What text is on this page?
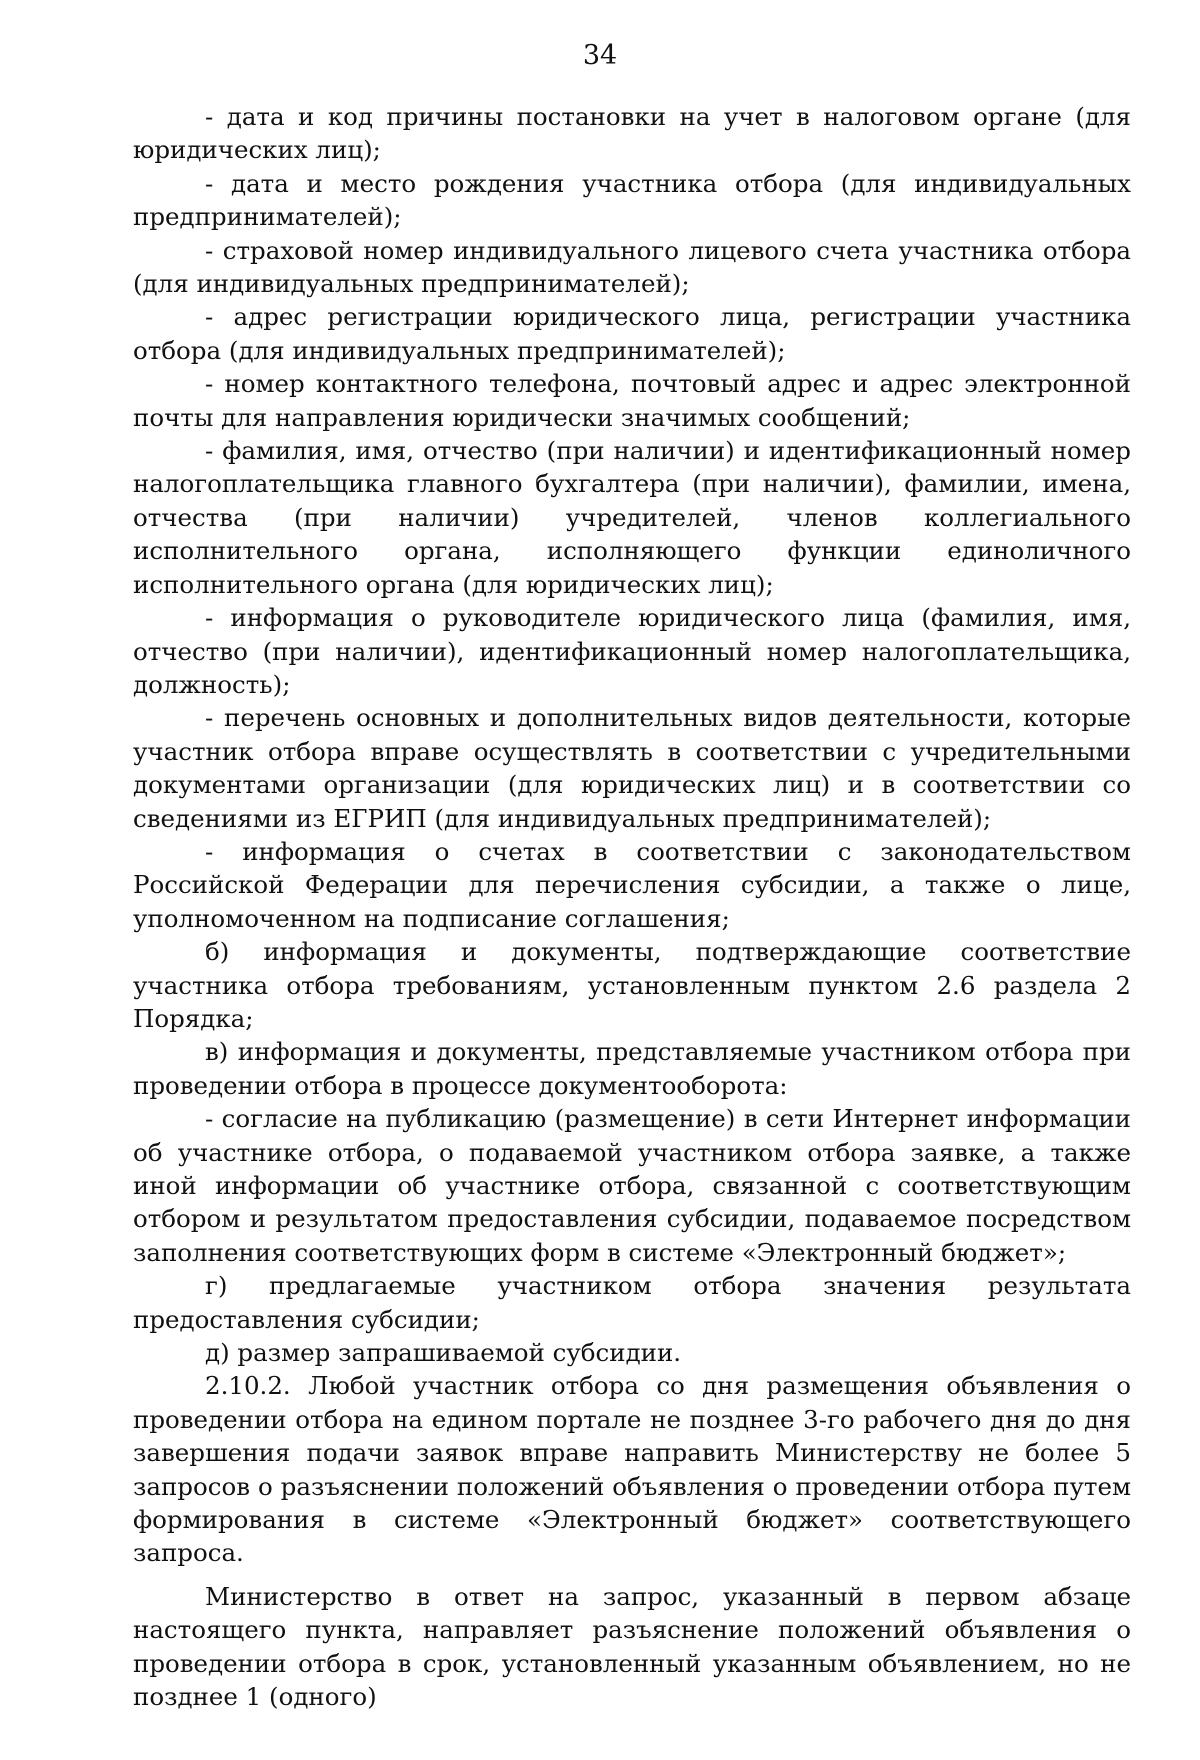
34

- дата и код причины постановки на учет в налоговом органе (для юридических лиц);

- дата и место рождения участника отбора (для индивидуальных предпринимателей);

- страховой номер индивидуального лицевого счета участника отбора (для индивидуальных предпринимателей);

- адрес регистрации юридического лица, регистрации участника отбора (для индивидуальных предпринимателей);

- номер контактного телефона, почтовый адрес и адрес электронной почты для направления юридически значимых сообщений;

- фамилия, имя, отчество (при наличии) и идентификационный номер налогоплательщика главного бухгалтера (при наличии), фамилии, имена, отчества (при наличии) учредителей, членов коллегиального исполнительного органа, исполняющего функции единоличного исполнительного органа (для юридических лиц);

- информация о руководителе юридического лица (фамилия, имя, отчество (при наличии), идентификационный номер налогоплательщика, должность);

- перечень основных и дополнительных видов деятельности, которые участник отбора вправе осуществлять в соответствии с учредительными документами организации (для юридических лиц) и в соответствии со сведениями из ЕГРИП (для индивидуальных предпринимателей);

- информация о счетах в соответствии с законодательством Российской Федерации для перечисления субсидии, а также о лице, уполномоченном на подписание соглашения;

б) информация и документы, подтверждающие соответствие участника отбора требованиям, установленным пунктом 2.6 раздела 2 Порядка;

в) информация и документы, представляемые участником отбора при проведении отбора в процессе документооборота:

- согласие на публикацию (размещение) в сети Интернет информации об участнике отбора, о подаваемой участником отбора заявке, а также иной информации об участнике отбора, связанной с соответствующим отбором и результатом предоставления субсидии, подаваемое посредством заполнения соответствующих форм в системе «Электронный бюджет»;

г) предлагаемые участником отбора значения результата предоставления субсидии;

д) размер запрашиваемой субсидии.

2.10.2. Любой участник отбора со дня размещения объявления о проведении отбора на едином портале не позднее 3-го рабочего дня до дня завершения подачи заявок вправе направить Министерству не более 5 запросов о разъяснении положений объявления о проведении отбора путем формирования в системе «Электронный бюджет» соответствующего запроса.

Министерство в ответ на запрос, указанный в первом абзаце настоящего пункта, направляет разъяснение положений объявления о проведении отбора в срок, установленный указанным объявлением, но не позднее 1 (одного)
